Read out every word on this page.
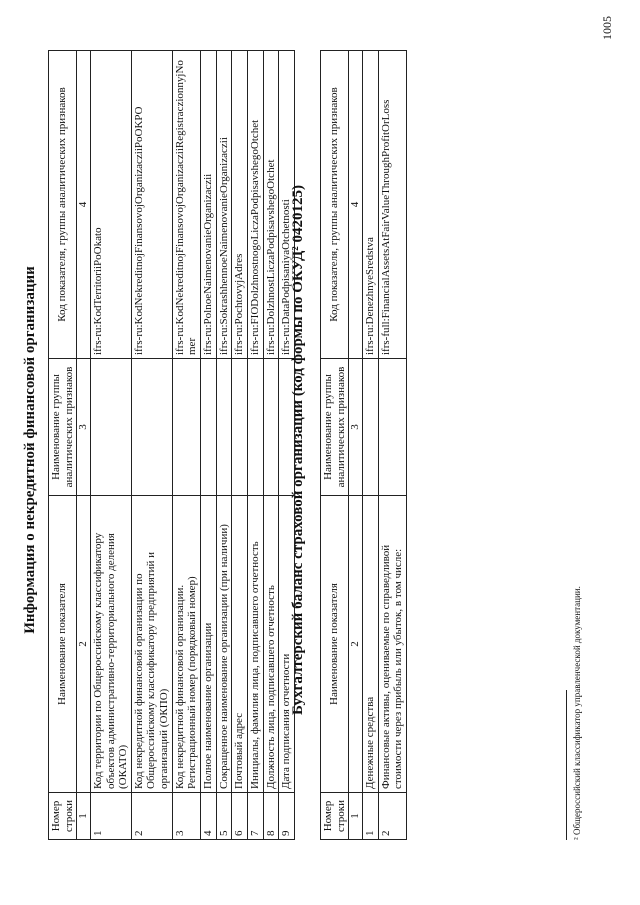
Информация о некредитной финансовой организации
Номер строки	Наименование показателя	Наименование группы аналитических признаков	Код показателя, группы аналитических признаков
1	2	3	4
1	Код территории по Общероссийскому классификатору объектов административно-территориального деления (ОКАТО)		ifrs-ru:KodTerritoriiPoOkato
2	Код некредитной финансовой организации по Общероссийскому классификатору предприятий и организаций (ОКПО)		ifrs-ru:KodNekreditnojFinansovojOrganizacziiPoOKPO
3	Код некредитной финансовой организации. Регистрационный номер (порядковый номер)		ifrs-ru:KodNekreditnojFinansovojOrganizacziiRegistraczionnyjNomer
4	Полное наименование организации		ifrs-ru:PolnoeNaimenovanieOrganizaczii
5	Сокращенное наименование организации (при наличии)		ifrs-ru:SokrashhennoeNaimenovanieOrganizaczii
6	Почтовый адрес		ifrs-ru:PochtovyjAdres
7	Инициалы, фамилия лица, подписавшего отчетность		ifrs-ru:FIODolzhnostnogoLiczaPodpisavshegoOtchet
8	Должность лица, подписавшего отчетность		ifrs-ru:DolzhnostLiczaPodpisavshegoOtchet
9	Дата подписания отчетности		ifrs-ru:DataPodpisaniyaOtchetnosti
Бухгалтерский баланс страховой организации (код формы по ОКУД² 0420125)
Номер строки	Наименование показателя	Наименование группы аналитических признаков	Код показателя, группы аналитических признаков
1	2	3	4
1	Денежные средства		ifrs-ru:DenezhnyeSredstva
2	Финансовые активы, оцениваемые по справедливой стоимости через прибыль или убыток, в том числе:		ifrs-full:FinancialAssetsAtFairValueThroughProfitOrLoss
² Общероссийский классификатор управленческой документации.
1005
